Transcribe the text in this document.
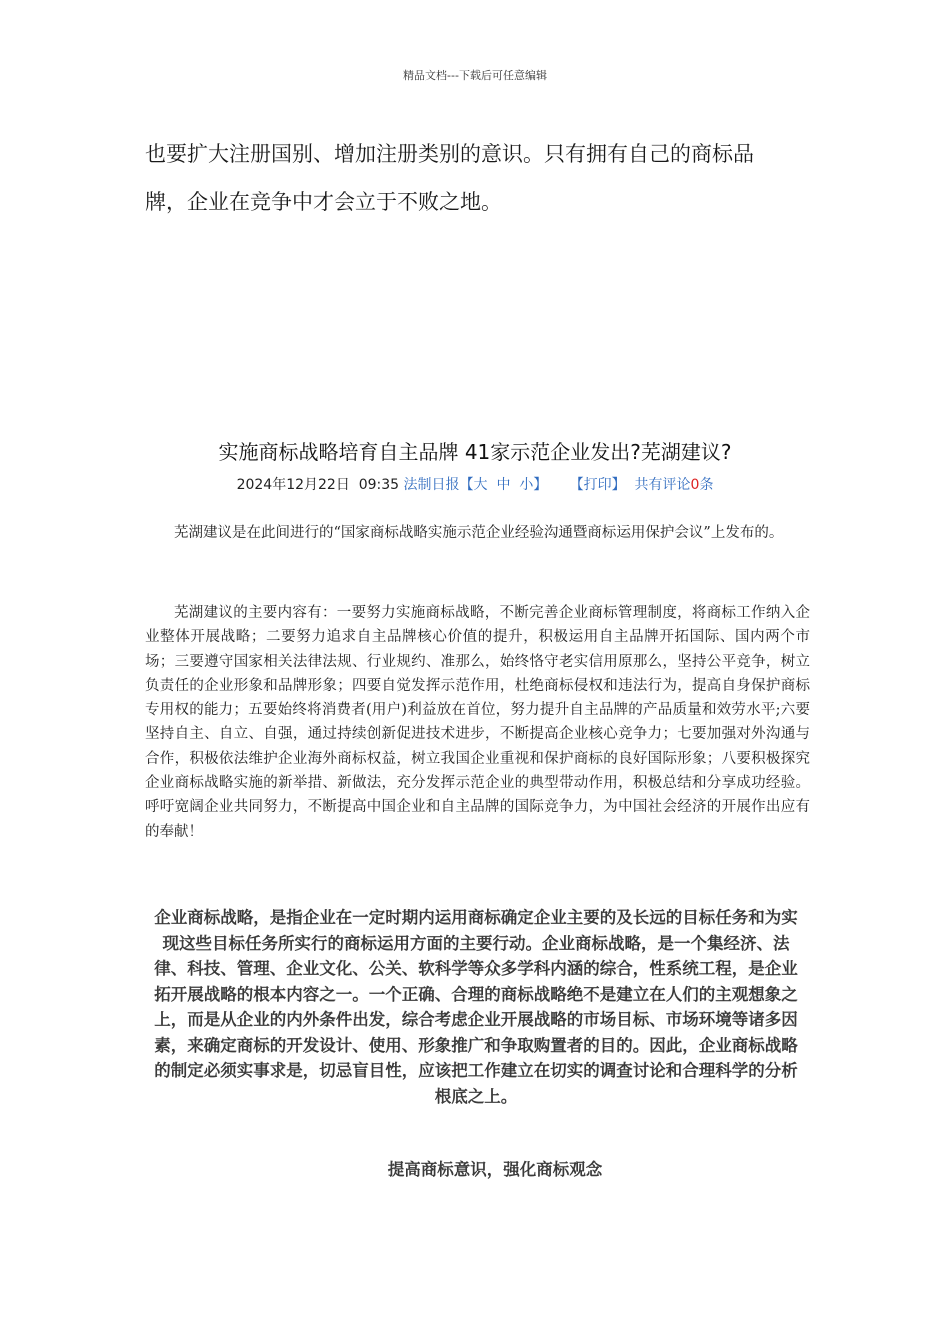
精品文档---下载后可任意编辑
也要扩大注册国别、增加注册类别的意识。只有拥有自己的商标品
牌，企业在竞争中才会立于不败之地。
实施商标战略培育自主品牌 41家示范企业发出?芜湖建议?
2024年12月22日  09:35 法制日报【大 中 小】 【打印】 共有评论0条
芜湖建议是在此间进行的“国家商标战略实施示范企业经验沟通暨商标运用保护会议”上发布的。
芜湖建议的主要内容有：一要努力实施商标战略，不断完善企业商标管理制度，将商标工作纳入企业整体开展战略；二要努力追求自主品牌核心价值的提升，积极运用自主品牌开拓国际、国内两个市场；三要遵守国家相关法律法规、行业规约、准那么，始终恪守老实信用原那么，坚持公平竞争，树立负责任的企业形象和品牌形象；四要自觉发挥示范作用，杜绝商标侵权和违法行为，提高自身保护商标专用权的能力；五要始终将消费者(用户)利益放在首位，努力提升自主品牌的产品质量和效劳水平;六要坚持自主、自立、自强，通过持续创新促进技术进步，不断提高企业核心竞争力；七要加强对外沟通与合作，积极依法维护企业海外商标权益，树立我国企业重视和保护商标的良好国际形象；八要积极探究企业商标战略实施的新举措、新做法，充分发挥示范企业的典型带动作用，积极总结和分享成功经验。呼吁宽阔企业共同努力，不断提高中国企业和自主品牌的国际竞争力，为中国社会经济的开展作出应有的奉献！
企业商标战略，是指企业在一定时期内运用商标确定企业主要的及长远的目标任务和为实现这些目标任务所实行的商标运用方面的主要行动。企业商标战略，是一个集经济、法律、科技、管理、企业文化、公关、软科学等众多学科内涵的综合，性系统工程，是企业拓开展战略的根本内容之一。一个正确、合理的商标战略绝不是建立在人们的主观想象之上，而是从企业的内外条件出发，综合考虑企业开展战略的市场目标、市场环境等诸多因素，来确定商标的开发设计、使用、形象推广和争取购置者的目的。因此，企业商标战略的制定必须实事求是，切忌盲目性，应该把工作建立在切实的调查讨论和合理科学的分析根底之上。
提高商标意识，强化商标观念
